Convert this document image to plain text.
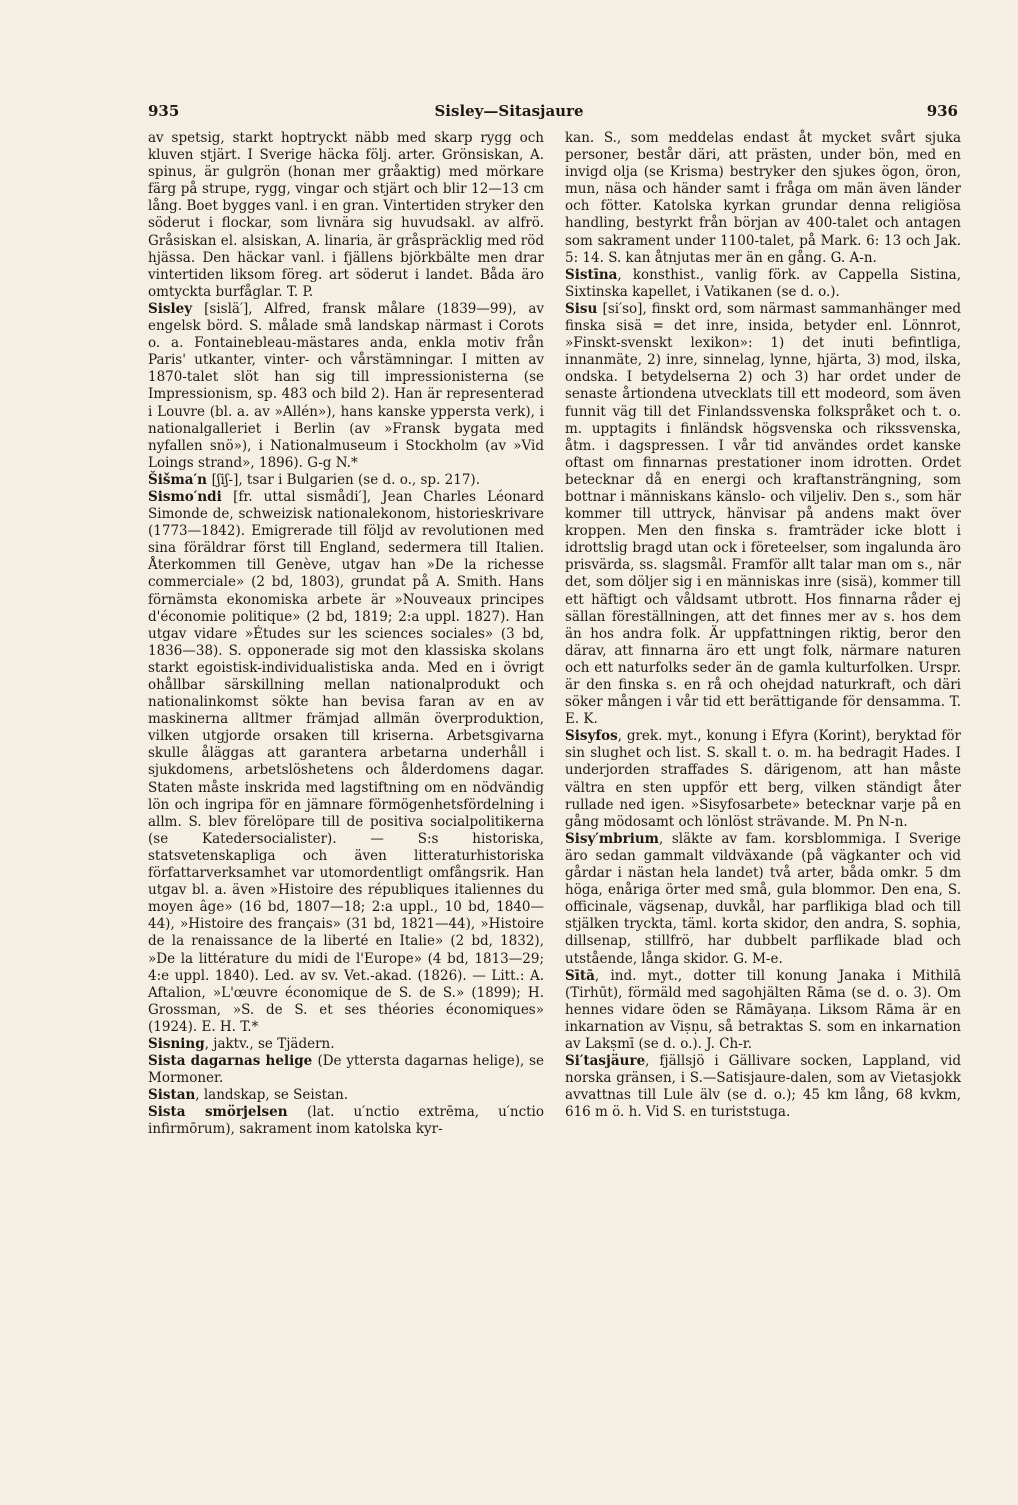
935	Sisley—Sitasjaure	936

av spetsig, starkt hoptryckt näbb med skarp rygg och kluven stjärt. I Sverige häcka följ. arter. Grönsiskan, A. spinus, är gulgrön (honan mer gråaktig) med mörkare färg på strupe, rygg, vingar och stjärt och blir 12—13 cm lång. Boet bygges vanl. i en gran. Vintertiden stryker den söderut i flockar, som livnära sig huvudsakl. av alfrö. Gråsiskan el. alsiskan, A. linaria, är gråspräcklig med röd hjässa. Den häckar vanl. i fjällens björkbälte men drar vintertiden liksom föreg. art söderut i landet. Båda äro omtyckta burfåglar. T. P.

Sisley [sislä′], Alfred, fransk målare (1839—99), av engelsk börd. S. målade små landskap närmast i Corots o. a. Fontainebleau-mästares anda, enkla motiv från Paris' utkanter, vinter- och vårstämningar. I mitten av 1870-talet slöt han sig till impressionisterna (se Impressionism, sp. 483 och bild 2). Han är representerad i Louvre (bl. a. av »Allén»), hans kanske yppersta verk), i nationalgalleriet i Berlin (av »Fransk bygata med nyfallen snö»), i Nationalmuseum i Stockholm (av »Vid Loings strand», 1896). G-g N.*

Šišma′n [ʃiʃ-], tsar i Bulgarien (se d. o., sp. 217).

Sismo′ndi [fr. uttal sismådi′], Jean Charles Léonard Simonde de, schweizisk nationalekonom, historieskrivare (1773—1842). Emigrerade till följd av revolutionen med sina föräldrar först till England, sedermera till Italien. Återkommen till Genève, utgav han »De la richesse commerciale» (2 bd, 1803), grundat på A. Smith. Hans förnämsta ekonomiska arbete är »Nouveaux principes d'économie politique» (2 bd, 1819; 2:a uppl. 1827). Han utgav vidare »Études sur les sciences sociales» (3 bd, 1836—38). S. opponerade sig mot den klassiska skolans starkt egoistisk-individualistiska anda. Med en i övrigt ohållbar särskillning mellan nationalprodukt och nationalinkomst sökte han bevisa faran av en av maskinerna alltmer främjad allmän överproduktion, vilken utgjorde orsaken till kriserna. Arbetsgivarna skulle åläggas att garantera arbetarna underhåll i sjukdomens, arbetslöshetens och ålderdomens dagar. Staten måste inskrida med lagstiftning om en nödvändig lön och ingripa för en jämnare förmögenhetsfördelning i allm. S. blev förelöpare till de positiva socialpolitikerna (se Katedersocialister). — S:s historiska, statsvetenskapliga och även litteraturhistoriska författarverksamhet var utomordentligt omfångsrik. Han utgav bl. a. även »Histoire des républiques italiennes du moyen âge» (16 bd, 1807—18; 2:a uppl., 10 bd, 1840—44), »Histoire des français» (31 bd, 1821—44), »Histoire de la renaissance de la liberté en Italie» (2 bd, 1832), »De la littérature du midi de l'Europe» (4 bd, 1813—29; 4:e uppl. 1840). Led. av sv. Vet.-akad. (1826). — Litt.: A. Aftalion, »L'œuvre économique de S. de S.» (1899); H. Grossman, »S. de S. et ses théories économiques» (1924). E. H. T.*

Sisning, jaktv., se Tjädern.

Sista dagarnas helige (De yttersta dagarnas helige), se Mormoner.

Sistan, landskap, se Seistan.

Sista smörjelsen (lat. u′nctio extrēma, u′nctio infirmōrum), sakrament inom katolska kyr-

kan. S., som meddelas endast åt mycket svårt sjuka personer, består däri, att prästen, under bön, med en invigd olja (se Krisma) bestryker den sjukes ögon, öron, mun, näsa och händer samt i fråga om män även länder och fötter. Katolska kyrkan grundar denna religiösa handling, bestyrkt från början av 400-talet och antagen som sakrament under 1100-talet, på Mark. 6: 13 och Jak. 5: 14. S. kan åtnjutas mer än en gång. G. A-n.

Sistīna, konsthist., vanlig förk. av Cappella Sistina, Sixtinska kapellet, i Vatikanen (se d. o.).

Sisu [si′so], finskt ord, som närmast sammanhänger med finska sisä = det inre, insida, betyder enl. Lönnrot, »Finskt-svenskt lexikon»: 1) det inuti befintliga, innanmäte, 2) inre, sinnelag, lynne, hjärta, 3) mod, ilska, ondska. I betydelserna 2) och 3) har ordet under de senaste årtiondena utvecklats till ett modeord, som även funnit väg till det Finlandssvenska folkspråket och t. o. m. upptagits i finländsk högsvenska och rikssvenska, åtm. i dagspressen. I vår tid användes ordet kanske oftast om finnarnas prestationer inom idrotten. Ordet betecknar då en energi och kraftansträngning, som bottnar i människans känslo- och viljeliv. Den s., som här kommer till uttryck, hänvisar på andens makt över kroppen. Men den finska s. framträder icke blott i idrottslig bragd utan ock i företeelser, som ingalunda äro prisvärda, ss. slagsmål. Framför allt talar man om s., när det, som döljer sig i en människas inre (sisä), kommer till ett häftigt och våldsamt utbrott. Hos finnarna råder ej sällan föreställningen, att det finnes mer av s. hos dem än hos andra folk. Är uppfattningen riktig, beror den därav, att finnarna äro ett ungt folk, närmare naturen och ett naturfolks seder än de gamla kulturfolken. Urspr. är den finska s. en rå och ohejdad naturkraft, och däri söker mången i vår tid ett berättigande för densamma. T. E. K.

Sisyfos, grek. myt., konung i Efyra (Korint), beryktad för sin slughet och list. S. skall t. o. m. ha bedragit Hades. I underjorden straffades S. därigenom, att han måste vältra en sten uppför ett berg, vilken ständigt åter rullade ned igen. »Sisyfosarbete» betecknar varje på en gång mödosamt och lönlöst strävande. M. Pn N-n.

Sisy′mbrium, släkte av fam. korsblommiga. I Sverige äro sedan gammalt vildväxande (på vägkanter och vid gårdar i nästan hela landet) två arter, båda omkr. 5 dm höga, enåriga örter med små, gula blommor. Den ena, S. officinale, vägsenap, duvkål, har parflikiga blad och till stjälken tryckta, täml. korta skidor, den andra, S. sophia, dillsenap, stillfrö, har dubbelt parflikade blad och utstående, långa skidor. G. M-e.

Sītā, ind. myt., dotter till konung Janaka i Mithilā (Tirhūt), förmäld med sagohjälten Rāma (se d. o. 3). Om hennes vidare öden se Rāmāyaṇa. Liksom Rāma är en inkarnation av Viṣṇu, så betraktas S. som en inkarnation av Lakṣmī (se d. o.). J. Ch-r.

Si′tasjäure, fjällsjö i Gällivare socken, Lappland, vid norska gränsen, i S.—Satisjaure-dalen, som av Vietasjokk avvattnas till Lule älv (se d. o.); 45 km lång, 68 kvkm, 616 m ö. h. Vid S. en turiststuga.
